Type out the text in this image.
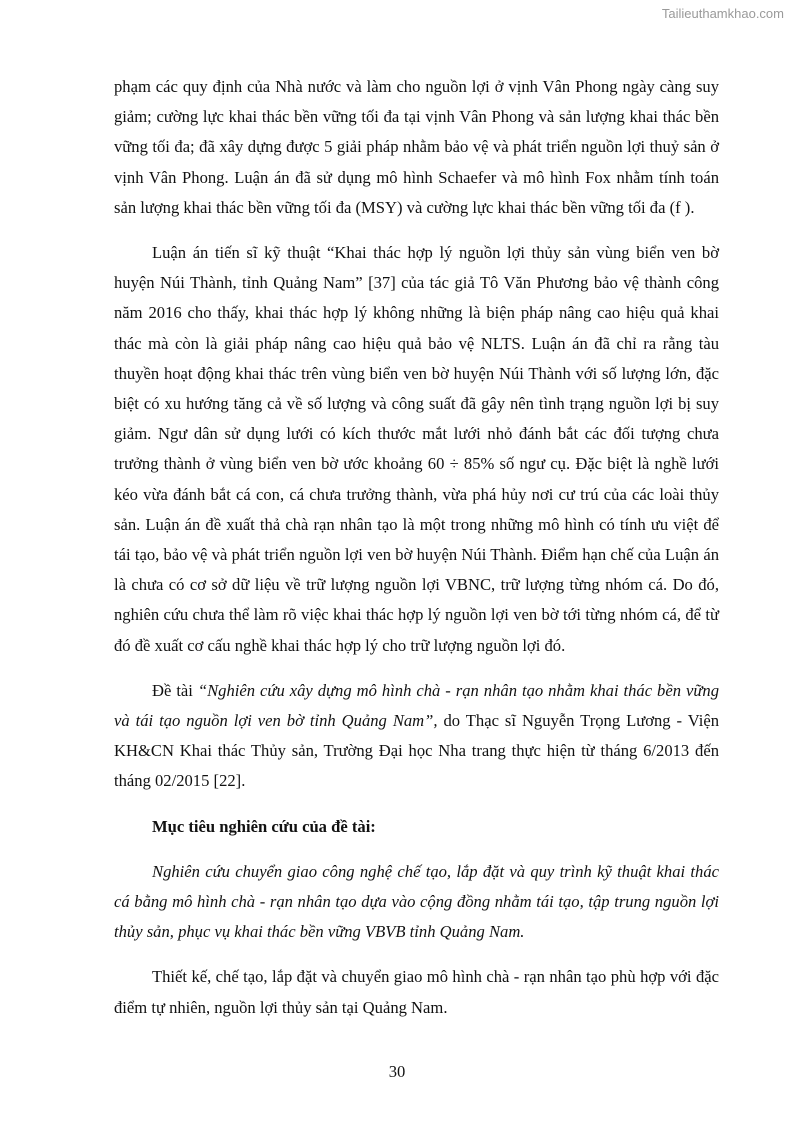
Tailieuthamkhao.com

phạm các quy định của Nhà nước và làm cho nguồn lợi ở vịnh Vân Phong ngày càng suy giảm; cường lực khai thác bền vững tối đa tại vịnh Vân Phong và sản lượng khai thác bền vững tối đa; đã xây dựng được 5 giải pháp nhằm bảo vệ và phát triển nguồn lợi thuỷ sản ở vịnh Vân Phong. Luận án đã sử dụng mô hình Schaefer và mô hình Fox nhằm tính toán sản lượng khai thác bền vững tối đa (MSY) và cường lực khai thác bền vững tối đa (f ).

Luận án tiến sĩ kỹ thuật “Khai thác hợp lý nguồn lợi thủy sản vùng biển ven bờ huyện Núi Thành, tỉnh Quảng Nam” [37] của tác giả Tô Văn Phương bảo vệ thành công năm 2016 cho thấy, khai thác hợp lý không những là biện pháp nâng cao hiệu quả khai thác mà còn là giải pháp nâng cao hiệu quả bảo vệ NLTS. Luận án đã chỉ ra rằng tàu thuyền hoạt động khai thác trên vùng biển ven bờ huyện Núi Thành với số lượng lớn, đặc biệt có xu hướng tăng cả về số lượng và công suất đã gây nên tình trạng nguồn lợi bị suy giảm. Ngư dân sử dụng lưới có kích thước mắt lưới nhỏ đánh bắt các đối tượng chưa trưởng thành ở vùng biển ven bờ ước khoảng 60 ÷ 85% số ngư cụ. Đặc biệt là nghề lưới kéo vừa đánh bắt cá con, cá chưa trưởng thành, vừa phá hủy nơi cư trú của các loài thủy sản. Luận án đề xuất thả chà rạn nhân tạo là một trong những mô hình có tính ưu việt để tái tạo, bảo vệ và phát triển nguồn lợi ven bờ huyện Núi Thành. Điểm hạn chế của Luận án là chưa có cơ sở dữ liệu về trữ lượng nguồn lợi VBNC, trữ lượng từng nhóm cá. Do đó, nghiên cứu chưa thể làm rõ việc khai thác hợp lý nguồn lợi ven bờ tới từng nhóm cá, để từ đó đề xuất cơ cấu nghề khai thác hợp lý cho trữ lượng nguồn lợi đó.

Đề tài “Nghiên cứu xây dựng mô hình chà - rạn nhân tạo nhằm khai thác bền vững và tái tạo nguồn lợi ven bờ tỉnh Quảng Nam”, do Thạc sĩ Nguyễn Trọng Lương - Viện KH&CN Khai thác Thủy sản, Trường Đại học Nha trang thực hiện từ tháng 6/2013 đến tháng 02/2015 [22].

Mục tiêu nghiên cứu của đề tài:

Nghiên cứu chuyển giao công nghệ chế tạo, lắp đặt và quy trình kỹ thuật khai thác cá bằng mô hình chà - rạn nhân tạo dựa vào cộng đồng nhằm tái tạo, tập trung nguồn lợi thủy sản, phục vụ khai thác bền vững VBVB tỉnh Quảng Nam.

Thiết kế, chế tạo, lắp đặt và chuyển giao mô hình chà - rạn nhân tạo phù hợp với đặc điểm tự nhiên, nguồn lợi thủy sản tại Quảng Nam.

30
